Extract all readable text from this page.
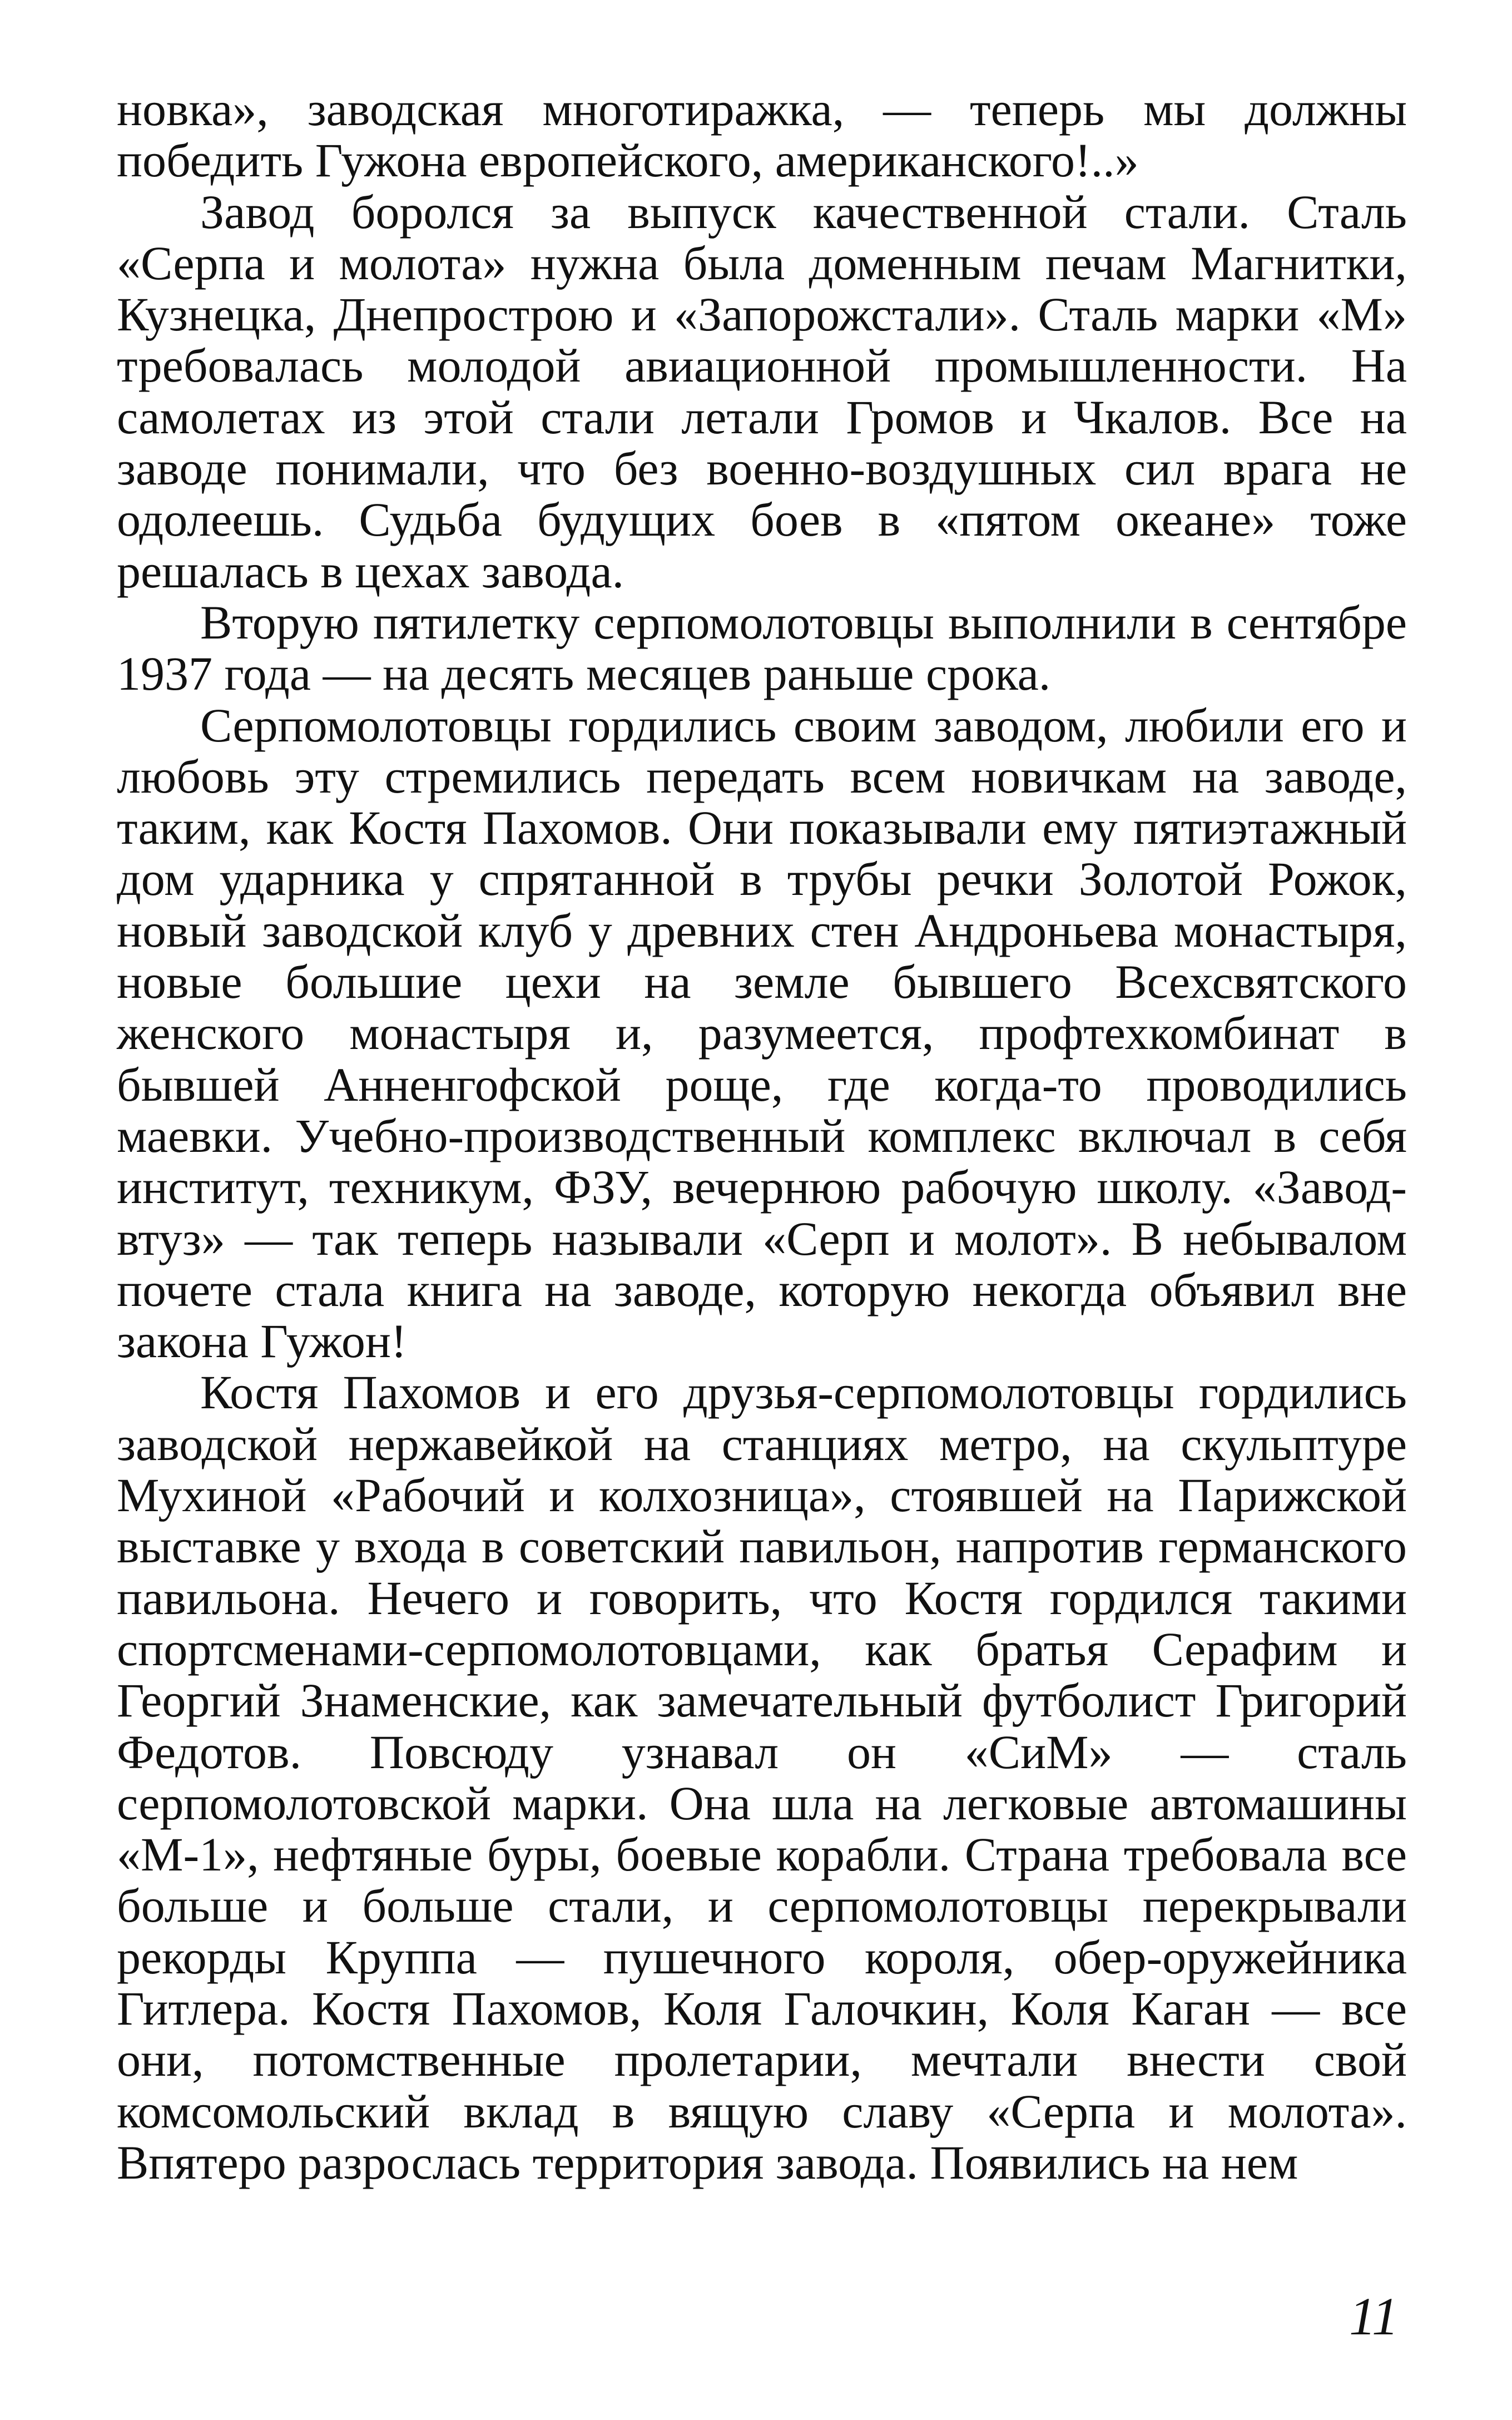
новка», заводская многотиражка, — теперь мы должны победить Гужона европейского, американского!..»

Завод боролся за выпуск качественной стали. Сталь «Серпа и молота» нужна была доменным печам Магнитки, Кузнецка, Днепрострою и «Запорожстали». Сталь марки «М» требовалась молодой авиационной промышленности. На самолетах из этой стали летали Громов и Чкалов. Все на заводе понимали, что без военно-воздушных сил врага не одолеешь. Судьба будущих боев в «пятом океане» тоже решалась в цехах завода.

Вторую пятилетку серпомолотовцы выполнили в сентябре 1937 года — на десять месяцев раньше срока.

Серпомолотовцы гордились своим заводом, любили его и любовь эту стремились передать всем новичкам на заводе, таким, как Костя Пахомов. Они показывали ему пятиэтажный дом ударника у спрятанной в трубы речки Золотой Рожок, новый заводской клуб у древних стен Андроньева монастыря, новые большие цехи на земле бывшего Всехсвятского женского монастыря и, разумеется, профтехкомбинат в бывшей Анненгофской роще, где когда-то проводились маевки. Учебно-производственный комплекс включал в себя институт, техникум, ФЗУ, вечернюю рабочую школу. «Завод-втуз» — так теперь называли «Серп и молот». В небывалом почете стала книга на заводе, которую некогда объявил вне закона Гужон!

Костя Пахомов и его друзья-серпомолотовцы гордились заводской нержавейкой на станциях метро, на скульптуре Мухиной «Рабочий и колхозница», стоявшей на Парижской выставке у входа в советский павильон, напротив германского павильона. Нечего и говорить, что Костя гордился такими спортсменами-серпомолотовцами, как братья Серафим и Георгий Знаменские, как замечательный футболист Григорий Федотов. Повсюду узнавал он «СиМ» — сталь серпомолотовской марки. Она шла на легковые автомашины «М-1», нефтяные буры, боевые корабли. Страна требовала все больше и больше стали, и серпомолотовцы перекрывали рекорды Круппа — пушечного короля, обер-оружейника Гитлера. Костя Пахомов, Коля Галочкин, Коля Каган — все они, потомственные пролетарии, мечтали внести свой комсомольский вклад в вящую славу «Серпа и молота». Впятеро разрослась территория завода. Появились на нем

11
